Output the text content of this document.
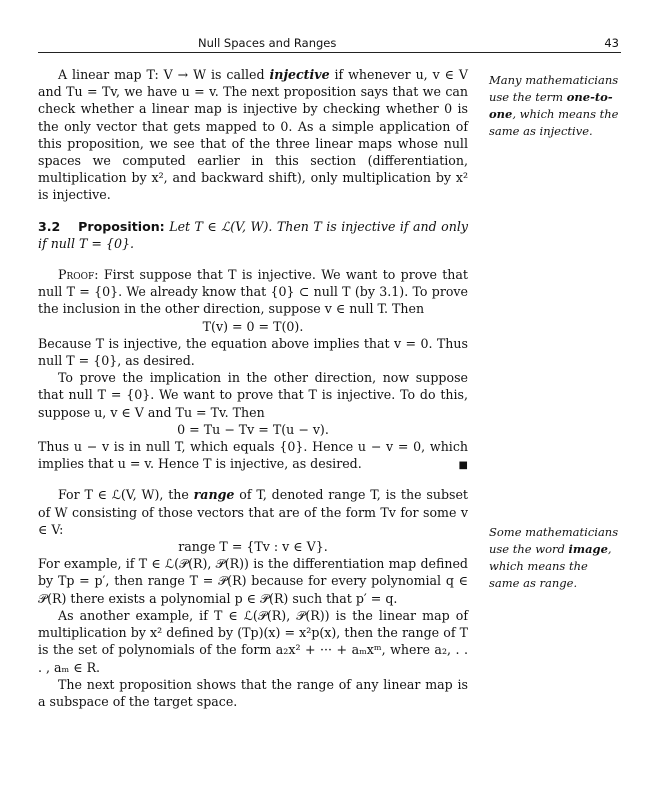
Null Spaces and Ranges	43

A linear map T: V → W is called injective if whenever u, v ∈ V and Tu = Tv, we have u = v. The next proposition says that we can check whether a linear map is injective by checking whether 0 is the only vector that gets mapped to 0. As a simple application of this proposition, we see that of the three linear maps whose null spaces we computed earlier in this section (differentiation, multiplication by x², and backward shift), only multiplication by x² is injective.

3.2 Proposition: Let T ∈ ℒ(V, W). Then T is injective if and only if null T = {0}.

Proof: First suppose that T is injective. We want to prove that null T = {0}. We already know that {0} ⊂ null T (by 3.1). To prove the inclusion in the other direction, suppose v ∈ null T. Then

T(v) = 0 = T(0).

Because T is injective, the equation above implies that v = 0. Thus null T = {0}, as desired.

To prove the implication in the other direction, now suppose that null T = {0}. We want to prove that T is injective. To do this, suppose u, v ∈ V and Tu = Tv. Then

0 = Tu − Tv = T(u − v).

Thus u − v is in null T, which equals {0}. Hence u − v = 0, which implies that u = v. Hence T is injective, as desired.	■

For T ∈ ℒ(V, W), the range of T, denoted range T, is the subset of W consisting of those vectors that are of the form Tv for some v ∈ V:

range T = {Tv : v ∈ V}.

For example, if T ∈ ℒ(𝒫(R), 𝒫(R)) is the differentiation map defined by Tp = p′, then range T = 𝒫(R) because for every polynomial q ∈ 𝒫(R) there exists a polynomial p ∈ 𝒫(R) such that p′ = q.

As another example, if T ∈ ℒ(𝒫(R), 𝒫(R)) is the linear map of multiplication by x² defined by (Tp)(x) = x²p(x), then the range of T is the set of polynomials of the form a₂x² + ··· + aₘxᵐ, where a₂, . . . , aₘ ∈ R.

The next proposition shows that the range of any linear map is a subspace of the target space.

Many mathematicians use the term one-to-one, which means the same as injective.
Some mathematicians use the word image, which means the same as range.
